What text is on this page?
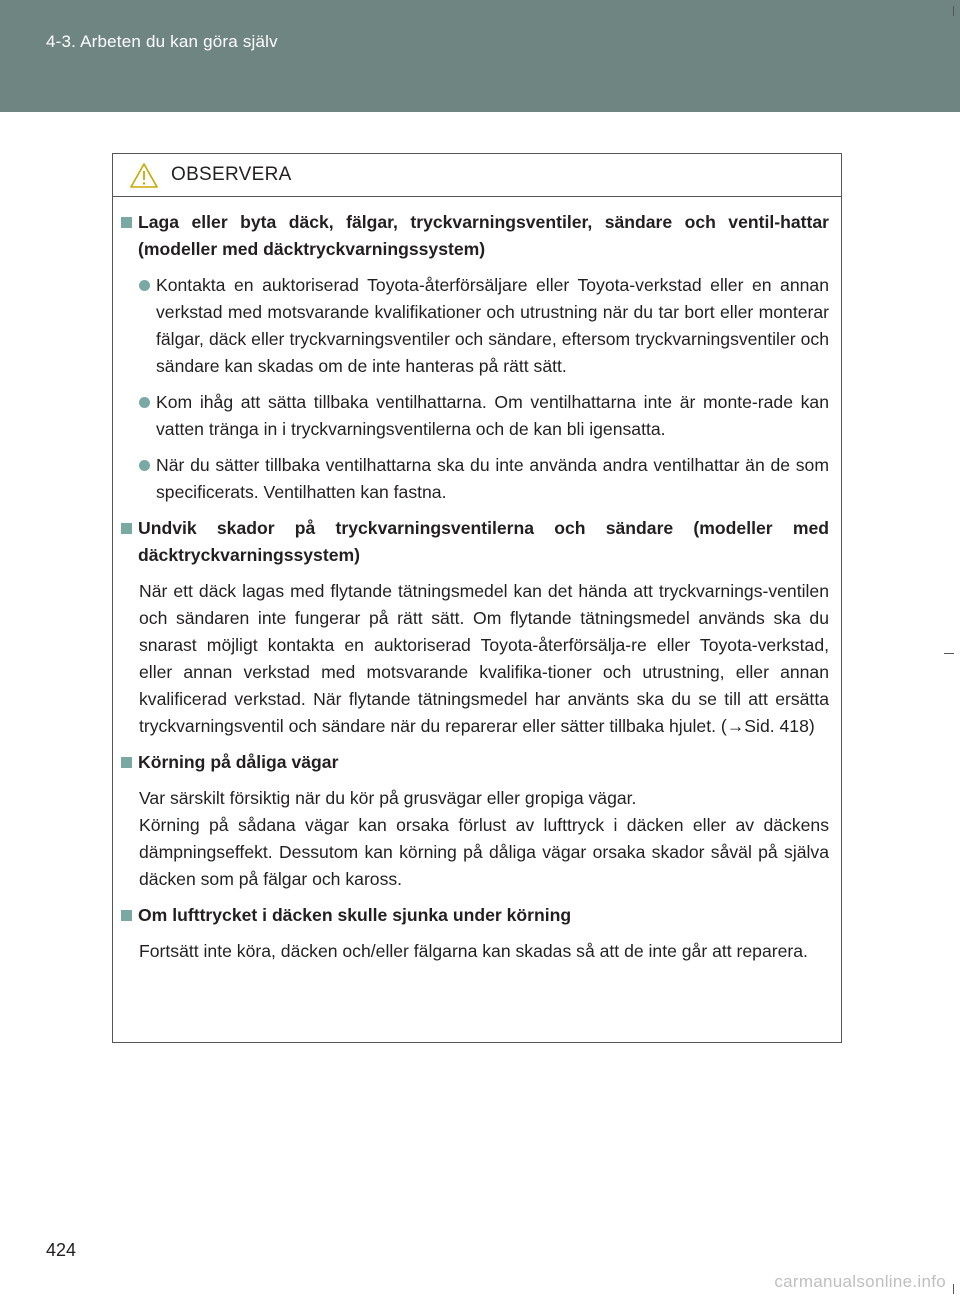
4-3. Arbeten du kan göra själv
OBSERVERA
Laga eller byta däck, fälgar, tryckvarningsventiler, sändare och ventil-hattar (modeller med däcktryckvarningssystem)
Kontakta en auktoriserad Toyota-återförsäljare eller Toyota-verkstad eller en annan verkstad med motsvarande kvalifikationer och utrustning när du tar bort eller monterar fälgar, däck eller tryckvarningsventiler och sändare, eftersom tryckvarningsventiler och sändare kan skadas om de inte hanteras på rätt sätt.
Kom ihåg att sätta tillbaka ventilhattarna. Om ventilhattarna inte är monte-rade kan vatten tränga in i tryckvarningsventilerna och de kan bli igensatta.
När du sätter tillbaka ventilhattarna ska du inte använda andra ventilhattar än de som specificerats. Ventilhatten kan fastna.
Undvik skador på tryckvarningsventilerna och sändare (modeller med däcktryckvarningssystem)
När ett däck lagas med flytande tätningsmedel kan det hända att tryckvarnings-ventilen och sändaren inte fungerar på rätt sätt. Om flytande tätningsmedel används ska du snarast möjligt kontakta en auktoriserad Toyota-återförsälja-re eller Toyota-verkstad, eller annan verkstad med motsvarande kvalifika-tioner och utrustning, eller annan kvalificerad verkstad. När flytande tätningsmedel har använts ska du se till att ersätta tryckvarningsventil och sändare när du reparerar eller sätter tillbaka hjulet. (→Sid. 418)
Körning på dåliga vägar
Var särskilt försiktig när du kör på grusvägar eller gropiga vägar.
Körning på sådana vägar kan orsaka förlust av lufttryck i däcken eller av däckens dämpningseffekt. Dessutom kan körning på dåliga vägar orsaka skador såväl på själva däcken som på fälgar och kaross.
Om lufttrycket i däcken skulle sjunka under körning
Fortsätt inte köra, däcken och/eller fälgarna kan skadas så att de inte går att reparera.
424
carmanualsonline.info
